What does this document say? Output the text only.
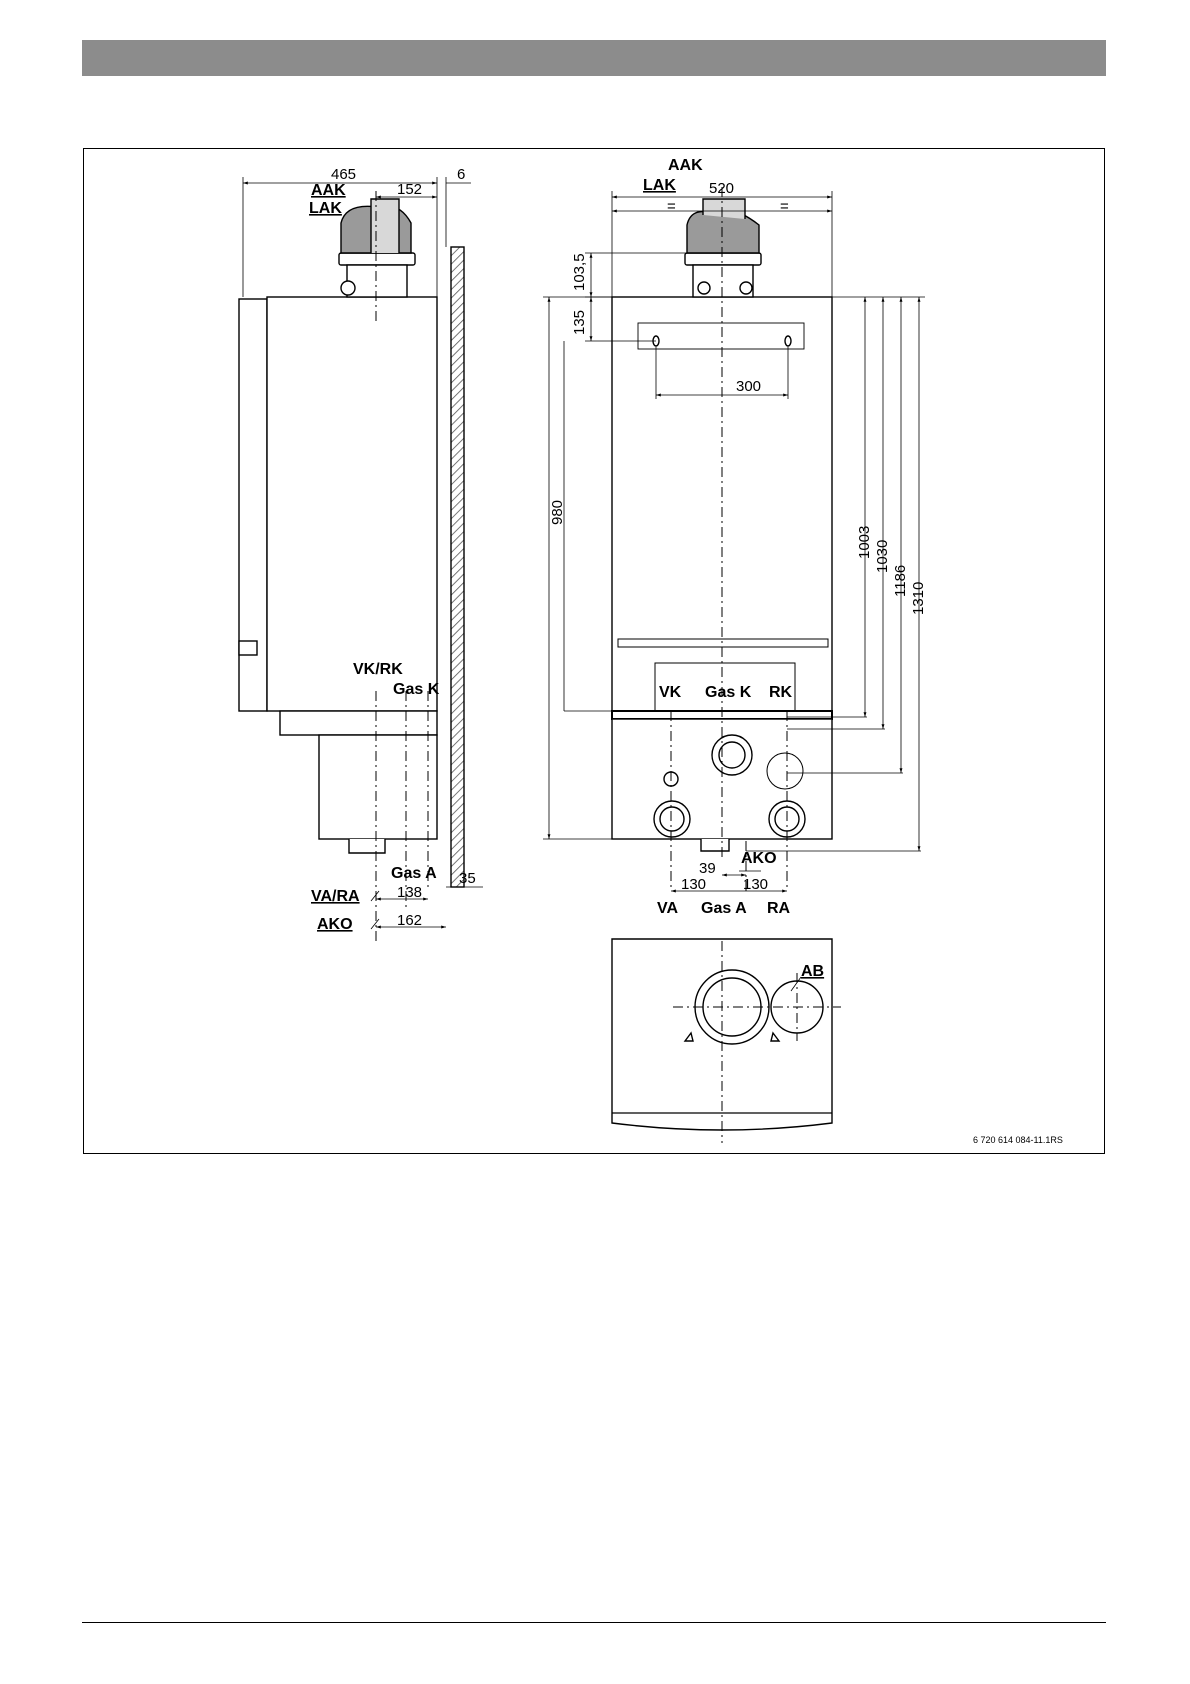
465	6
152
AAK
LAK
VK/RK
Gas K
Gas A 35
VA/RA 138
AKO	162
AAK
LAK 520
=	=
103,5
135
300
980
1003 1030
1186
1310
VK Gas K RK
AKO
39
130 130
VA Gas A RA
AB
6 720 614 084-11.1RS
